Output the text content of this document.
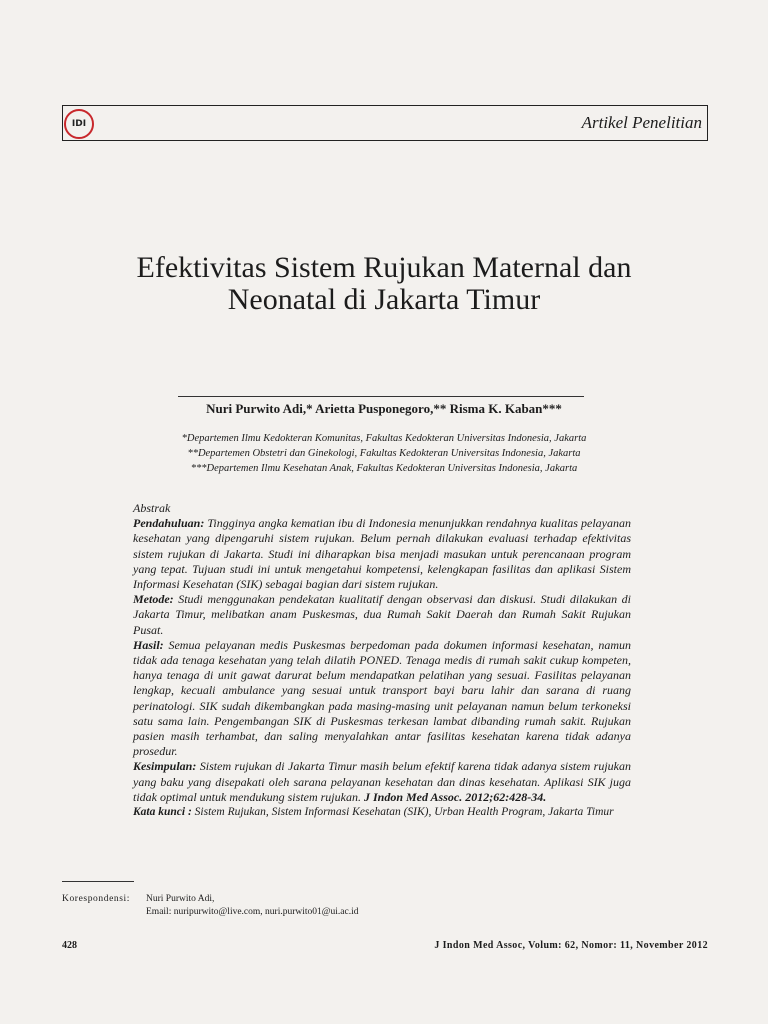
IDI	Artikel Penelitian
Efektivitas Sistem Rujukan Maternal dan
Neonatal di Jakarta Timur
Nuri Purwito Adi,* Arietta Pusponegoro,** Risma K. Kaban***
*Departemen Ilmu Kedokteran Komunitas, Fakultas Kedokteran Universitas Indonesia, Jakarta
**Departemen Obstetri dan Ginekologi, Fakultas Kedokteran Universitas Indonesia, Jakarta
***Departemen Ilmu Kesehatan Anak, Fakultas Kedokteran Universitas Indonesia, Jakarta

Abstrak

Pendahuluan: Tingginya angka kematian ibu di Indonesia menunjukkan rendahnya kualitas pelayanan kesehatan yang dipengaruhi sistem rujukan. Belum pernah dilakukan evaluasi terhadap efektivitas sistem rujukan di Jakarta. Studi ini diharapkan bisa menjadi masukan untuk perencanaan program yang tepat. Tujuan studi ini untuk mengetahui kompetensi, kelengkapan fasilitas dan aplikasi Sistem Informasi Kesehatan (SIK) sebagai bagian dari sistem rujukan.

Metode: Studi menggunakan pendekatan kualitatif dengan observasi dan diskusi. Studi dilakukan di Jakarta Timur, melibatkan anam Puskesmas, dua Rumah Sakit Daerah dan Rumah Sakit Rujukan Pusat.

Hasil: Semua pelayanan medis Puskesmas berpedoman pada dokumen informasi kesehatan, namun tidak ada tenaga kesehatan yang telah dilatih PONED. Tenaga medis di rumah sakit cukup kompeten, hanya tenaga di unit gawat darurat belum mendapatkan pelatihan yang sesuai. Fasilitas pelayanan lengkap, kecuali ambulance yang sesuai untuk transport bayi baru lahir dan sarana di ruang perinatologi. SIK sudah dikembangkan pada masing-masing unit pelayanan namun belum terkoneksi satu sama lain. Pengembangan SIK di Puskesmas terkesan lambat dibanding rumah sakit. Rujukan pasien masih terhambat, dan saling menyalahkan antar fasilitas kesehatan karena tidak adanya prosedur.

Kesimpulan: Sistem rujukan di Jakarta Timur masih belum efektif karena tidak adanya sistem rujukan yang baku yang disepakati oleh sarana pelayanan kesehatan dan dinas kesehatan. Aplikasi SIK juga tidak optimal untuk mendukung sistem rujukan. J Indon Med Assoc. 2012;62:428-34.

Kata kunci : Sistem Rujukan, Sistem Informasi Kesehatan (SIK), Urban Health Program, Jakarta Timur

Korespondensi: Nuri Purwito Adi,
Email: nuripurwito@live.com, nuri.purwito01@ui.ac.id
428	J Indon Med Assoc, Volum: 62, Nomor: 11, November 2012
